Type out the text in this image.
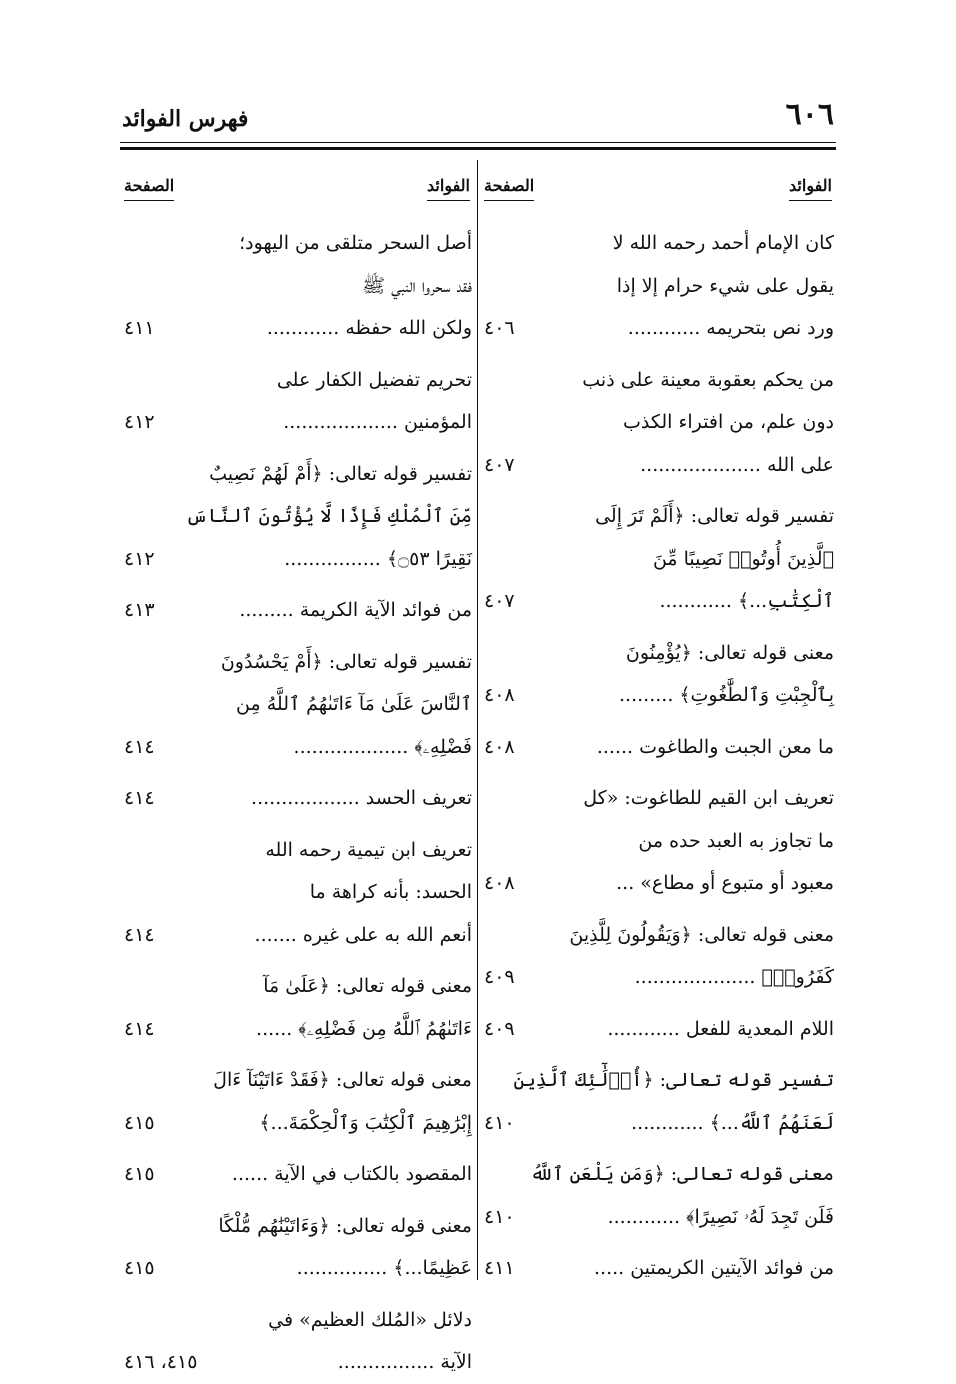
٦٠٦
فهرس الفوائد
الفوائد
الصفحة
كان الإمام أحمد رحمه الله لا
يقول على شيء حرام إلا إذا
ورد نص بتحريمه ............
٤٠٦
من يحكم بعقوبة معينة على ذنب
دون علم، من افتراء الكذب
على الله ....................
٤٠٧
تفسير قوله تعالى: ﴿أَلَمْ تَرَ إِلَى
ٱلَّذِينَ أُوتُوا۟ نَصِيبًا مِّنَ
ٱلْكِتَٰبِ...﴾ ............
٤٠٧
معنى قوله تعالى: ﴿يُؤْمِنُونَ
بِٱلْجِبْتِ وَٱلطَّٰغُوتِ﴾ .........
٤٠٨
ما معن الجبت والطاغوت ......
٤٠٨
تعريف ابن القيم للطاغوت: «كل
ما تجاوز به العبد حده من
معبود أو متبوع أو مطاع» ...
٤٠٨
معنى قوله تعالى: ﴿وَيَقُولُونَ لِلَّذِينَ
كَفَرُوا۟﴾ ....................
٤٠٩
اللام المعدية للفعل ............
٤٠٩
تفسير قوله تعالى: ﴿أُو۟لَٰٓئِكَ ٱلَّذِينَ
لَعَنَهُمُ ٱللَّهُ...﴾ ............
٤١٠
معنى قوله تعالى: ﴿وَمَن يَلْعَنِ ٱللَّهُ
فَلَن تَجِدَ لَهُۥ نَصِيرًا﴾ ............
٤١٠
من فوائد الآيتين الكريمتين .....
٤١١
الفوائد
الصفحة
أصل السحر متلقى من اليهود؛
فقد سحروا النبي ﷺ
ولكن الله حفظه ............
٤١١
تحريم تفضيل الكفار على
المؤمنين ...................
٤١٢
تفسير قوله تعالى: ﴿أَمْ لَهُمْ نَصِيبٌ
مِّنَ ٱلْمُلْكِ فَإِذًا لَّا يُؤْتُونَ ٱلنَّاسَ
نَقِيرًا ۝٥٣﴾ ................
٤١٢
من فوائد الآية الكريمة .........
٤١٣
تفسير قوله تعالى: ﴿أَمْ يَحْسُدُونَ
ٱلنَّاسَ عَلَىٰ مَآ ءَاتَىٰهُمُ ٱللَّهُ مِن
فَضْلِهِۦ﴾ ...................
٤١٤
تعريف الحسد ..................
٤١٤
تعريف ابن تيمية رحمه الله
الحسد: بأنه كراهة ما
أنعم الله به على غيره .......
٤١٤
معنى قوله تعالى: ﴿عَلَىٰ مَآ
ءَاتَىٰهُمُ ٱللَّهُ مِن فَضْلِهِۦ﴾ ......
٤١٤
معنى قوله تعالى: ﴿فَقَدْ ءَاتَيْنَآ ءَالَ
إِبْرَٰهِيمَ ٱلْكِتَٰبَ وَٱلْحِكْمَةَ...﴾
٤١٥
المقصود بالكتاب في الآية ......
٤١٥
معنى قوله تعالى: ﴿وَءَاتَيْنَٰهُم مُّلْكًا
عَظِيمًا...﴾ ...............
٤١٥
دلائل «المُلك العظيم» في
الآية ................
٤١٥، ٤١٦
